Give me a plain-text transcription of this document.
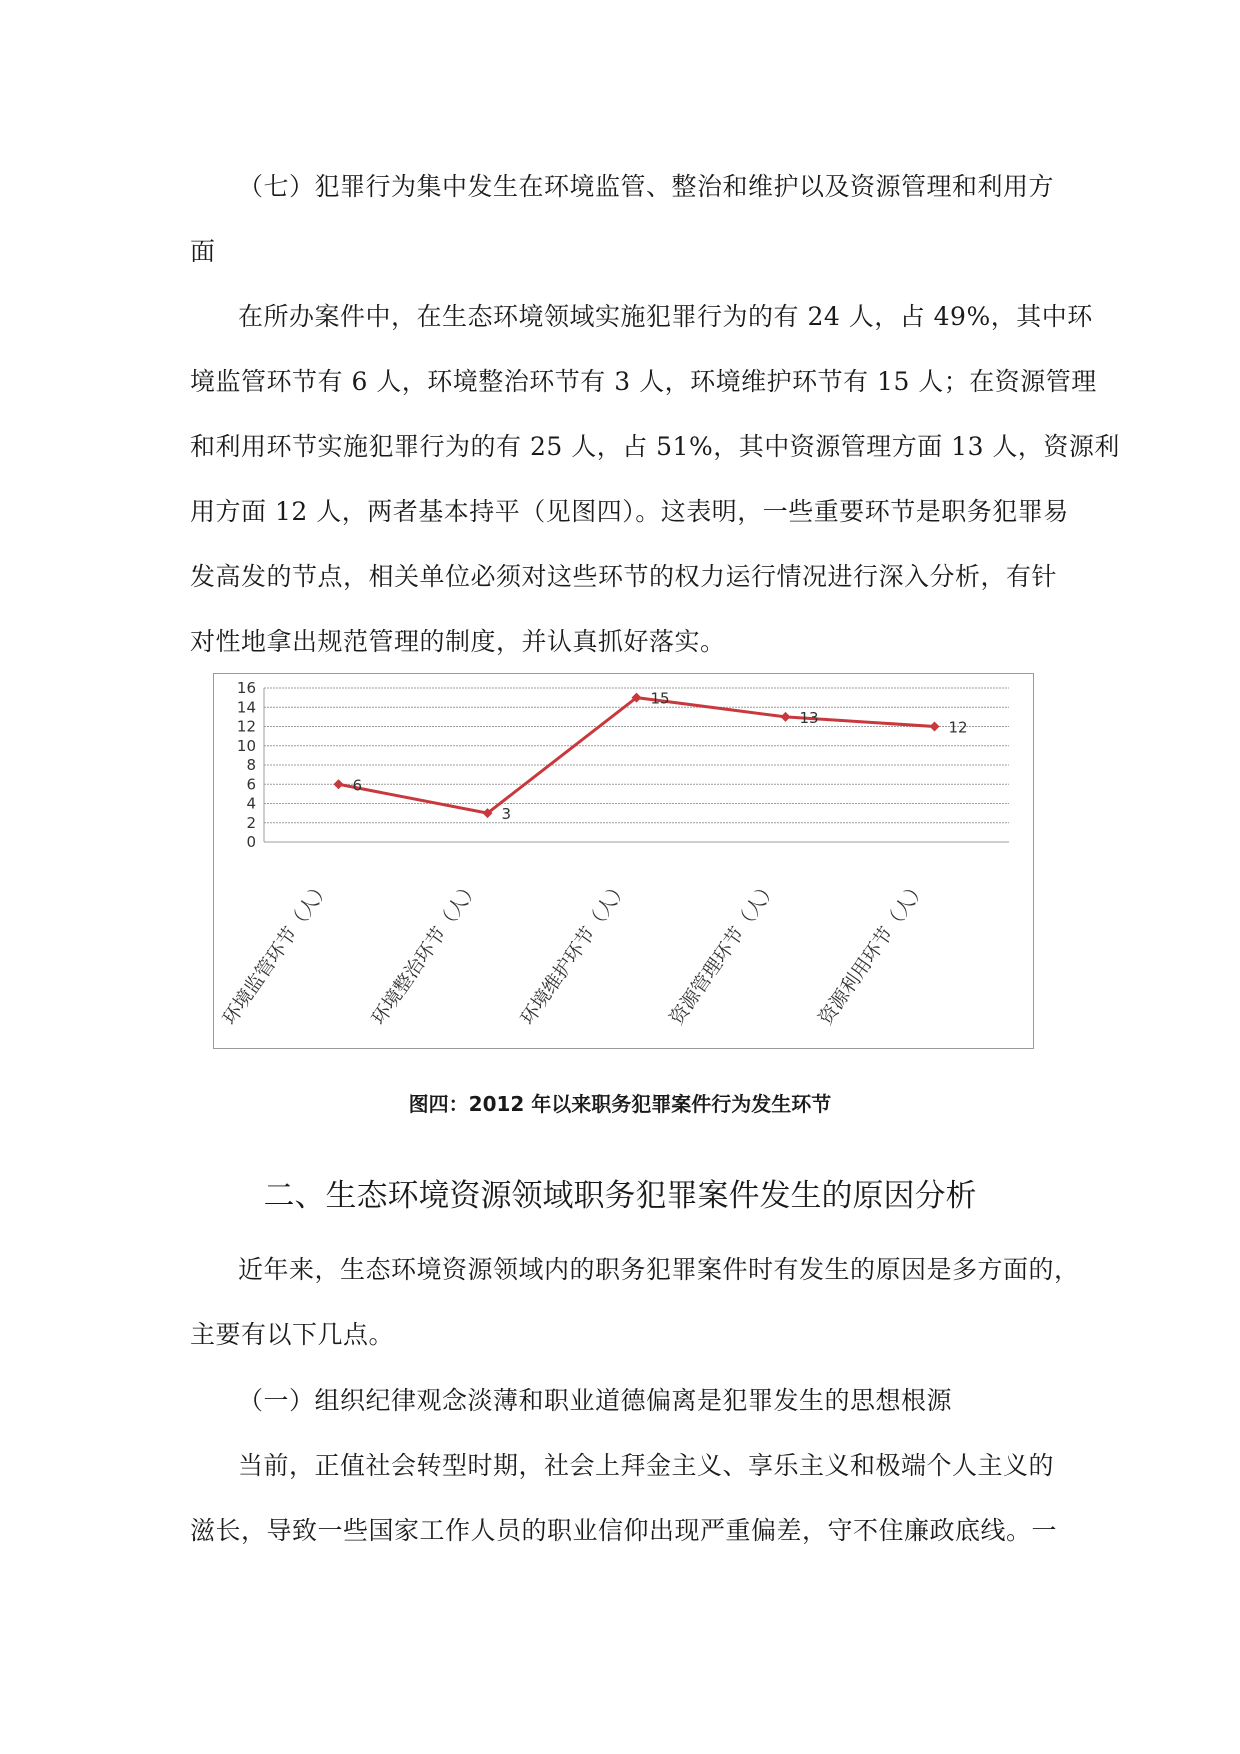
（七）犯罪行为集中发生在环境监管、整治和维护以及资源管理和利用方
面
在所办案件中，在生态环境领域实施犯罪行为的有 24 人，占 49%，其中环
境监管环节有 6 人，环境整治环节有 3 人，环境维护环节有 15 人；在资源管理
和利用环节实施犯罪行为的有 25 人，占 51%，其中资源管理方面 13 人，资源利
用方面 12 人，两者基本持平（见图四）。这表明，一些重要环节是职务犯罪易
发高发的节点，相关单位必须对这些环节的权力运行情况进行深入分析，有针
对性地拿出规范管理的制度，并认真抓好落实。
0
2
4
6
8
10
12
14
16
6
3
15
13
12
环境监管环节（人） 环境整治环节（人） 环境维护环节（人） 资源管理环节（人） 资源利用环节（人）
图四：2012 年以来职务犯罪案件行为发生环节
二、生态环境资源领域职务犯罪案件发生的原因分析
近年来，生态环境资源领域内的职务犯罪案件时有发生的原因是多方面的，
主要有以下几点。
（一）组织纪律观念淡薄和职业道德偏离是犯罪发生的思想根源
当前，正值社会转型时期，社会上拜金主义、享乐主义和极端个人主义的
滋长，导致一些国家工作人员的职业信仰出现严重偏差，守不住廉政底线。一
